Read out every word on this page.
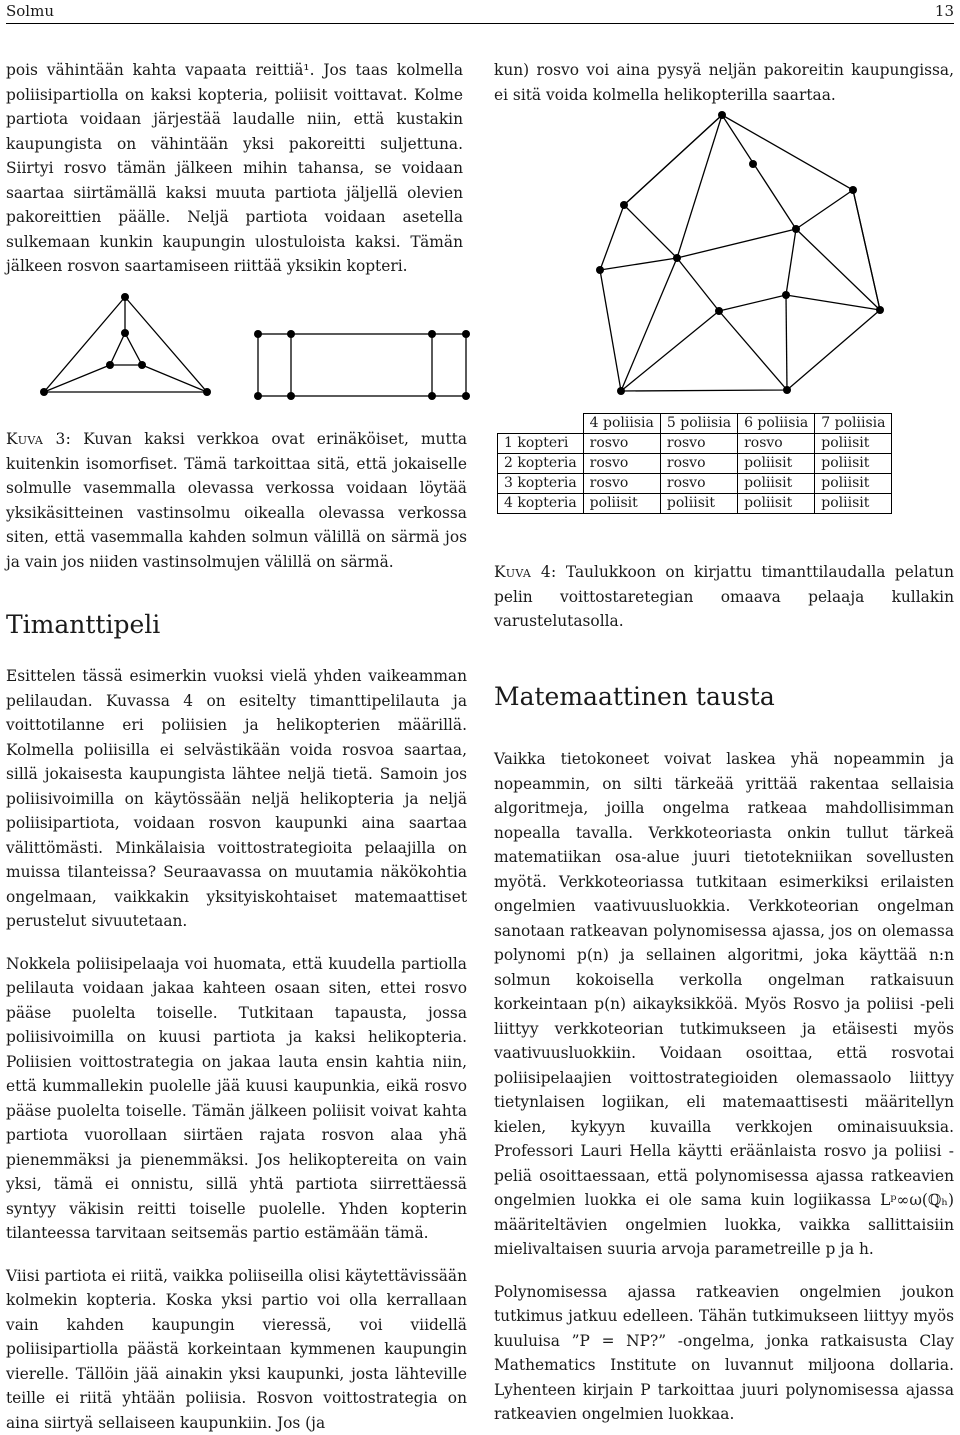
Solmu	13

pois vähintään kahta vapaata reittiä¹. Jos taas kolmella poliisipartiolla on kaksi kopteria, poliisit voittavat. Kolme partiota voidaan järjestää laudalle niin, että kustakin kaupungista on vähintään yksi pakoreitti suljettuna. Siirtyi rosvo tämän jälkeen mihin tahansa, se voidaan saartaa siirtämällä kaksi muuta partiota jäljellä olevien pakoreittien päälle. Neljä partiota voidaan asetella sulkemaan kunkin kaupungin ulostuloista kaksi. Tämän jälkeen rosvon saartamiseen riittää yksikin kopteri.

kun) rosvo voi aina pysyä neljän pakoreitin kaupungissa, ei sitä voida kolmella helikopterilla saartaa.

Kuva 3: Kuvan kaksi verkkoa ovat erinäköiset, mutta kuitenkin isomorfiset. Tämä tarkoittaa sitä, että jokaiselle solmulle vasemmalla olevassa verkossa voidaan löytää yksikäsitteinen vastinsolmu oikealla olevassa verkossa siten, että vasemmalla kahden solmun välillä on särmä jos ja vain jos niiden vastinsolmujen välillä on särmä.
	4 poliisia	5 poliisia	6 poliisia	7 poliisia
1 kopteri	rosvo	rosvo	rosvo	poliisit
2 kopteria	rosvo	rosvo	poliisit	poliisit
3 kopteria	rosvo	rosvo	poliisit	poliisit
4 kopteria	poliisit	poliisit	poliisit	poliisit
Kuva 4: Taulukkoon on kirjattu timanttilaudalla pelatun pelin voittostaretegian omaava pelaaja kullakin varustelutasolla.
Timanttipeli

Esittelen tässä esimerkin vuoksi vielä yhden vaikeamman pelilaudan. Kuvassa 4 on esitelty timanttipelilauta ja voittotilanne eri poliisien ja helikopterien määrillä. Kolmella poliisilla ei selvästikään voida rosvoa saartaa, sillä jokaisesta kaupungista lähtee neljä tietä. Samoin jos poliisivoimilla on käytössään neljä helikopteria ja neljä poliisipartiota, voidaan rosvon kaupunki aina saartaa välittömästi. Minkälaisia voittostrategioita pelaajilla on muissa tilanteissa? Seuraavassa on muutamia näkökohtia ongelmaan, vaikkakin yksityiskohtaiset matemaattiset perustelut sivuutetaan.

Nokkela poliisipelaaja voi huomata, että kuudella partiolla pelilauta voidaan jakaa kahteen osaan siten, ettei rosvo pääse puolelta toiselle. Tutkitaan tapausta, jossa poliisivoimilla on kuusi partiota ja kaksi helikopteria. Poliisien voittostrategia on jakaa lauta ensin kahtia niin, että kummallekin puolelle jää kuusi kaupunkia, eikä rosvo pääse puolelta toiselle. Tämän jälkeen poliisit voivat kahta partiota vuorollaan siirtäen rajata rosvon alaa yhä pienemmäksi ja pienemmäksi. Jos helikoptereita on vain yksi, tämä ei onnistu, sillä yhtä partiota siirrettäessä syntyy väkisin reitti toiselle puolelle. Yhden kopterin tilanteessa tarvitaan seitsemäs partio estämään tämä.

Viisi partiota ei riitä, vaikka poliiseilla olisi käytettävissään kolmekin kopteria. Koska yksi partio voi olla kerrallaan vain kahden kaupungin vieressä, voi viidellä poliisipartiolla päästä korkeintaan kymmenen kaupungin vierelle. Tällöin jää ainakin yksi kaupunki, josta lähteville teille ei riitä yhtään poliisia. Rosvon voittostrategia on aina siirtyä sellaiseen kaupunkiin. Jos (ja

Matemaattinen tausta

Vaikka tietokoneet voivat laskea yhä nopeammin ja nopeammin, on silti tärkeää yrittää rakentaa sellaisia algoritmeja, joilla ongelma ratkeaa mahdollisimman nopealla tavalla. Verkkoteoriasta onkin tullut tärkeä matematiikan osa-alue juuri tietotekniikan sovellusten myötä. Verkkoteoriassa tutkitaan esimerkiksi erilaisten ongelmien vaativuusluokkia. Verkkoteorian ongelman sanotaan ratkeavan polynomisessa ajassa, jos on olemassa polynomi p(n) ja sellainen algoritmi, joka käyttää n:n solmun kokoisella verkolla ongelman ratkaisuun korkeintaan p(n) aikayksikköä. Myös Rosvo ja poliisi -peli liittyy verkkoteorian tutkimukseen ja etäisesti myös vaativuusluokkiin. Voidaan osoittaa, että rosvotai poliisipelaajien voittostrategioiden olemassaolo liittyy tietynlaisen logiikan, eli matemaattisesti määritellyn kielen, kykyyn kuvailla verkkojen ominaisuuksia. Professori Lauri Hella käytti eräänlaista rosvo ja poliisi -peliä osoittaessaan, että polynomisessa ajassa ratkeavien ongelmien luokka ei ole sama kuin logiikassa Lᵖ∞ω(ℚₕ) määriteltävien ongelmien luokka, vaikka sallittaisiin mielivaltaisen suuria arvoja parametreille p ja h.

Polynomisessa ajassa ratkeavien ongelmien joukon tutkimus jatkuu edelleen. Tähän tutkimukseen liittyy myös kuuluisa ”P = NP?” -ongelma, jonka ratkaisusta Clay Mathematics Institute on luvannut miljoona dollaria. Lyhenteen kirjain P tarkoittaa juuri polynomisessa ajassa ratkeavien ongelmien luokkaa.
